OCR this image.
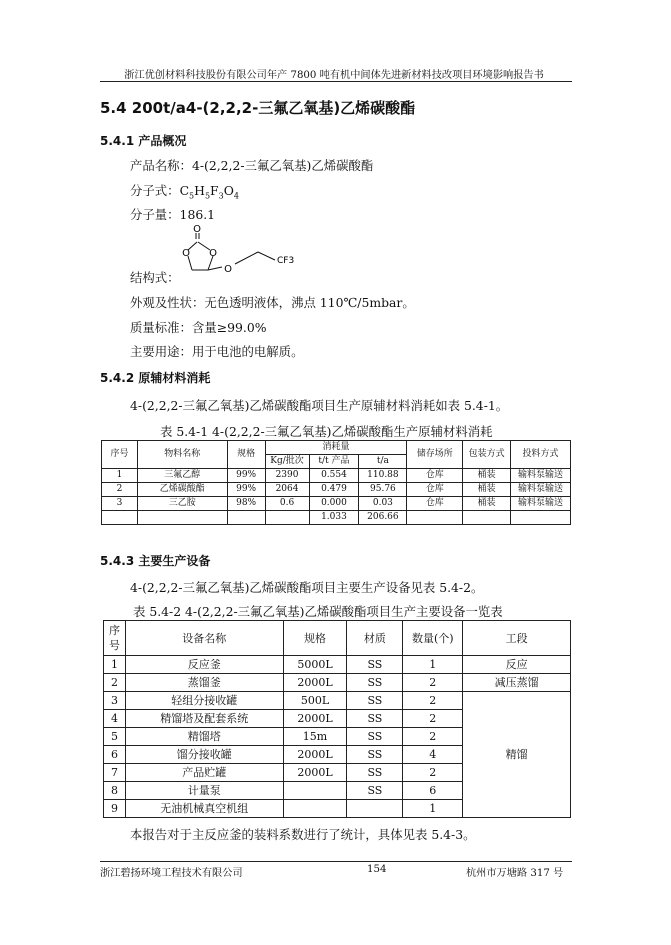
浙江优创材料科技股份有限公司年产 7800 吨有机中间体先进新材料技改项目环境影响报告书
5.4 200t/a4-(2,2,2-三氟乙氧基)乙烯碳酸酯
5.4.1 产品概况
产品名称：4-(2,2,2-三氟乙氧基)乙烯碳酸酯
分子式：$C_5H_5F_3O_4$
分子量：186.1
O
O O
O
CF3
结构式：
外观及性状：无色透明液体，沸点 110℃/5mbar。
质量标准：含量≥99.0%
主要用途：用于电池的电解质。
5.4.2 原辅材料消耗
4-(2,2,2-三氟乙氧基)乙烯碳酸酯项目生产原辅材料消耗如表 5.4-1。
表 5.4-1 4-(2,2,2-三氟乙氧基)乙烯碳酸酯生产原辅材料消耗
序号	物料名称	规格	消耗量			储存场所	包装方式	投料方式
			Kg/批次	t/t 产品	t/a			
1	三氟乙醇	99%	2390	0.554	110.88	仓库	桶装	输料泵输送
2	乙烯碳酸酯	99%	2064	0.479	95.76	仓库	桶装	输料泵输送
3	三乙胺	98%	0.6	0.000	0.03	仓库	桶装	输料泵输送
				1.033	206.66			
5.4.3 主要生产设备
4-(2,2,2-三氟乙氧基)乙烯碳酸酯项目主要生产设备见表 5.4-2。
表 5.4-2 4-(2,2,2-三氟乙氧基)乙烯碳酸酯项目生产主要设备一览表
序号	设备名称	规格	材质	数量(个)	工段
1	反应釜	5000L	SS	1	反应
2	蒸馏釜	2000L	SS	2	减压蒸馏
3	轻组分接收罐	500L	SS	2	精馏
4	精馏塔及配套系统	2000L	SS	2	
5	精馏塔	15m	SS	2	
6	馏分接收罐	2000L	SS	4	
7	产品贮罐	2000L	SS	2	
8	计量泵		SS	6	
9	无油机械真空机组			1	
本报告对于主反应釜的装料系数进行了统计，具体见表 5.4-3。
浙江碧扬环境工程技术有限公司	154	杭州市万塘路 317 号
